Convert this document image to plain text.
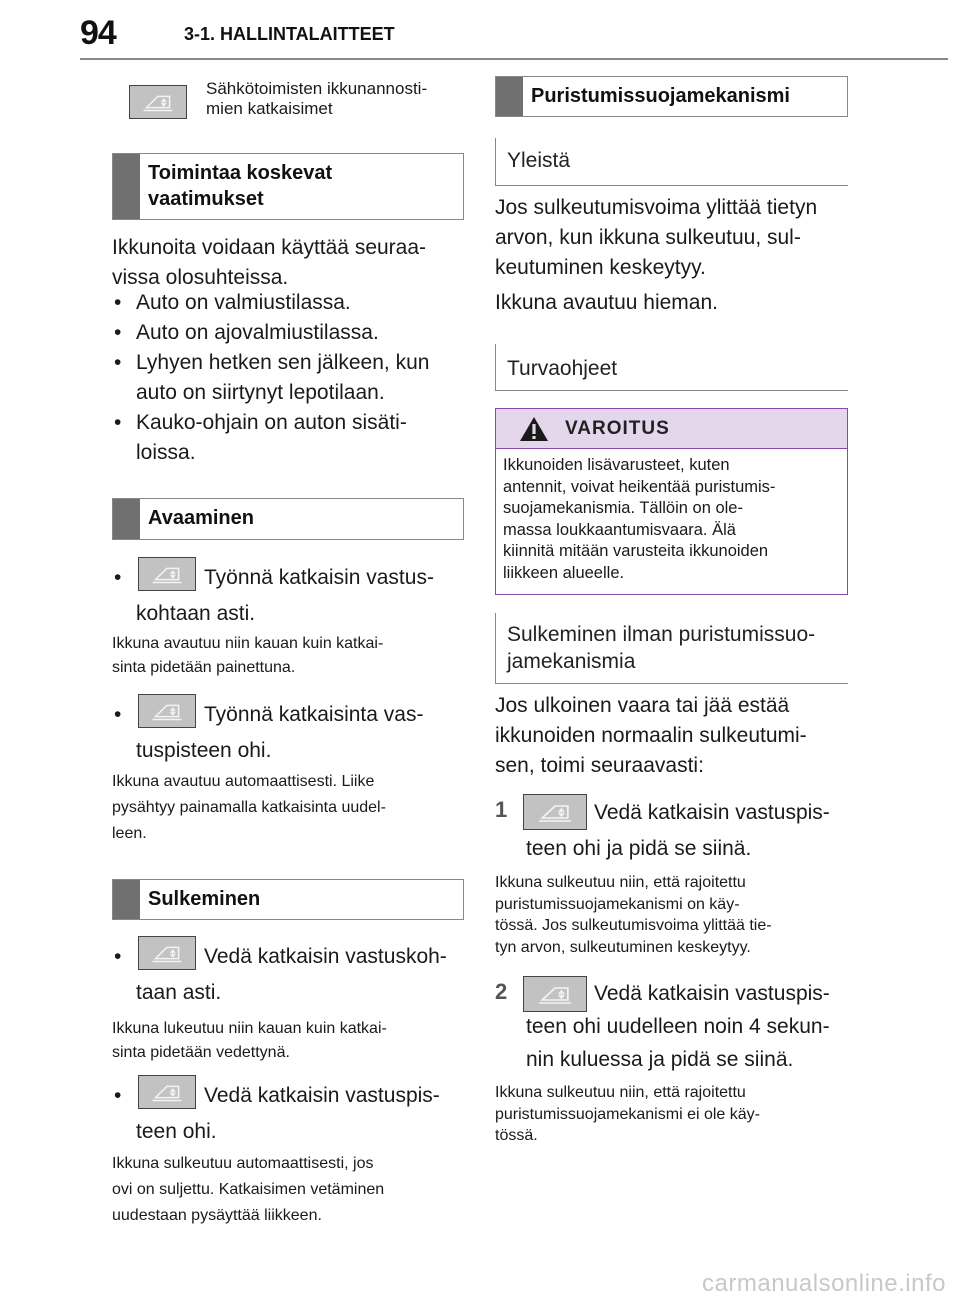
94	3-1. HALLINTALAITTEET
Sähkötoimisten ikkunannosti-
mien katkaisimet
Toimintaa koskevat
vaatimukset
Ikkunoita voidaan käyttää seuraa-
vissa olosuhteissa.
• Auto on valmiustilassa.
• Auto on ajovalmiustilassa.
• Lyhyen hetken sen jälkeen, kun
auto on siirtynyt lepotilaan.
• Kauko-ohjain on auton sisäti-
loissa.
Avaaminen
•	Työnnä katkaisin vastus-
kohtaan asti.
Ikkuna avautuu niin kauan kuin katkai-
sinta pidetään painettuna.
•	Työnnä katkaisinta vas-
tuspisteen ohi.
Ikkuna avautuu automaattisesti. Liike
pysähtyy painamalla katkaisinta uudel-
leen.
Sulkeminen
•	Vedä katkaisin vastuskoh-
taan asti.
Ikkuna lukeutuu niin kauan kuin katkai-
sinta pidetään vedettynä.
•	Vedä katkaisin vastuspis-
teen ohi.
Ikkuna sulkeutuu automaattisesti, jos
ovi on suljettu. Katkaisimen vetäminen
uudestaan pysäyttää liikkeen.
Puristumissuojamekanismi
Yleistä
Jos sulkeutumisvoima ylittää tietyn
arvon, kun ikkuna sulkeutuu, sul-
keutuminen keskeytyy.
Ikkuna avautuu hieman.
Turvaohjeet
VAROITUS
Ikkunoiden lisävarusteet, kuten
antennit, voivat heikentää puristumis-
suojamekanismia. Tällöin on ole-
massa loukkaantumisvaara. Älä
kiinnitä mitään varusteita ikkunoiden
liikkeen alueelle.
Sulkeminen ilman puristumissuo-
jamekanismia
Jos ulkoinen vaara tai jää estää
ikkunoiden normaalin sulkeutumi-
sen, toimi seuraavasti:
1	Vedä katkaisin vastuspis-
teen ohi ja pidä se siinä.
Ikkuna sulkeutuu niin, että rajoitettu
puristumissuojamekanismi on käy-
tössä. Jos sulkeutumisvoima ylittää tie-
tyn arvon, sulkeutuminen keskeytyy.
2	Vedä katkaisin vastuspis-
teen ohi uudelleen noin 4 sekun-
nin kuluessa ja pidä se siinä.
Ikkuna sulkeutuu niin, että rajoitettu
puristumissuojamekanismi ei ole käy-
tössä.
carmanualsonline.info
